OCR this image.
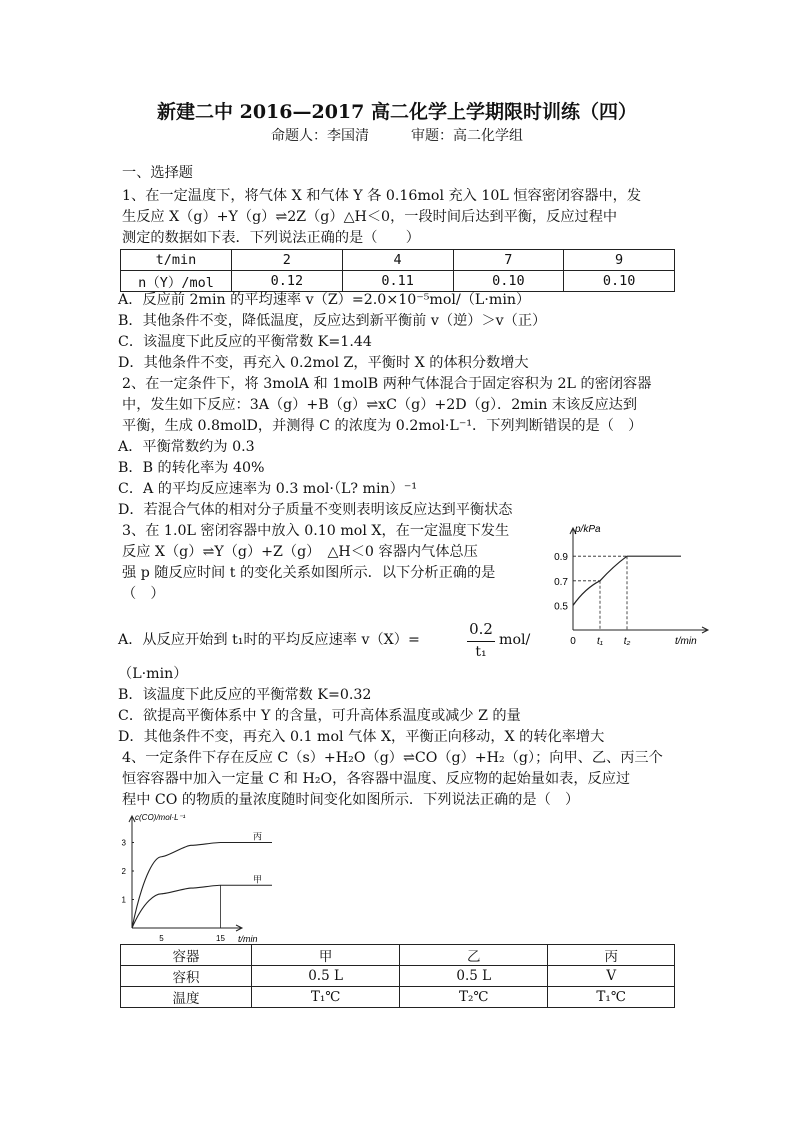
新建二中 2016—2017 高二化学上学期限时训练（四）
命题人：李国清　　　审题：高二化学组
一、选择题
1、在一定温度下，将气体 X 和气体 Y 各 0.16mol 充入 10L 恒容密闭容器中，发
生反应 X（g）+Y（g）⇌2Z（g）△H＜0，一段时间后达到平衡，反应过程中
测定的数据如下表．下列说法正确的是（　　）
t/min	2	4	7	9
n（Y）/mol	0.12	0.11	0.10	0.10
A．反应前 2min 的平均速率 v（Z）=2.0×10⁻⁵mol/（L·min）
B．其他条件不变，降低温度，反应达到新平衡前 v（逆）＞v（正）
C．该温度下此反应的平衡常数 K=1.44
D．其他条件不变，再充入 0.2mol Z，平衡时 X 的体积分数增大
2、在一定条件下，将 3molA 和 1molB 两种气体混合于固定容积为 2L 的密闭容器
中，发生如下反应：3A（g）+B（g）⇌xC（g）+2D（g）．2min 末该反应达到
平衡，生成 0.8molD，并测得 C 的浓度为 0.2mol·L⁻¹．下列判断错误的是（　）
A．平衡常数约为 0.3
B．B 的转化率为 40%
C．A 的平均反应速率为 0.3 mol·（L? min）⁻¹
D．若混合气体的相对分子质量不变则表明该反应达到平衡状态
3、在 1.0L 密闭容器中放入 0.10 mol X，在一定温度下发生
反应 X（g）⇌Y（g）+Z（g）　△H＜0 容器内气体总压
强 p 随反应时间 t 的变化关系如图所示．以下分析正确的是
（　）
p/kPa
t/min
0.5
0.7
0.9
0 t₁ t₂
A．从反应开始到 t₁时的平均反应速率 v（X）=
0.2
t₁
mol/
（L·min）
B．该温度下此反应的平衡常数 K=0.32
C．欲提高平衡体系中 Y 的含量，可升高体系温度或减少 Z 的量
D．其他条件不变，再充入 0.1 mol 气体 X，平衡正向移动，X 的转化率增大
4、一定条件下存在反应 C（s）+H₂O（g）⇌CO（g）+H₂（g）；向甲、乙、丙三个
恒容容器中加入一定量 C 和 H₂O，各容器中温度、反应物的起始量如表，反应过
程中 CO 的物质的量浓度随时间变化如图所示．下列说法正确的是（　）
c(CO)/mol·L⁻¹
t/min
1
2
3
5	15
丙
甲
容器	甲	乙	丙
容积	0.5 L	0.5 L	V
温度	T₁℃	T₂℃	T₁℃
